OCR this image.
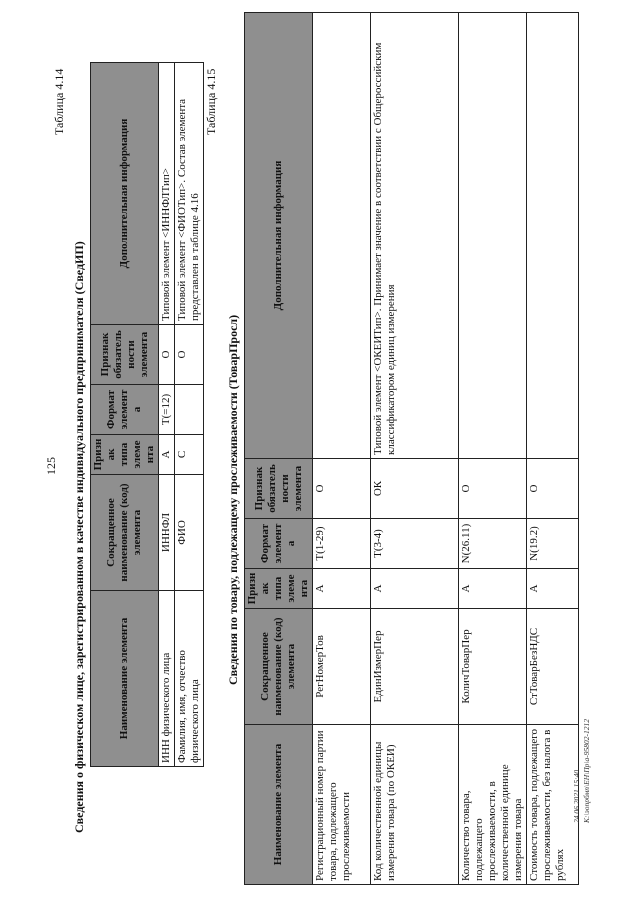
125
Таблица 4.14
Сведения о физическом лице, зарегистрированном в качестве индивидуального предпринимателя (СведИП)	Наименование элемента	Сокращенное наименование (код) элемента	Признак типа элемента	Формат элемента	Признак обязательности элемента	Дополнительная информация
ИНН физического лица	ИННФЛ	А	Т(=12)	О	Типовой элемент <ИННФЛТип>
Фамилия, имя, отчество физического лица	ФИО	С		О	Типовой элемент <ФИОТип>. Состав элемента представлен в таблице 4.16
Таблица 4.15
Сведения по товару, подлежащему прослеживаемости (ТоварПросл)
Наименование элемента	Сокращенное наименование (код) элемента	Признак типа элемента	Формат элемента	Признак обязательности элемента	Дополнительная информация
Регистрационный номер партии товара, подлежащего прослеживаемости	РегНомерТов	А	Т(1-29)	О	
Код количественной единицы измерения товара (по ОКЕИ)	ЕдинИзмерПер	А	Т(3-4)	ОК	Типовой элемент <ОКЕИТип>. Принимает значение в соответствии с Общероссийским классификатором единиц измерения
Количество товара, подлежащего прослеживаемости, в количественной единице измерения товара	КоличТоварПер	А	N(26.11)	О	
Стоимость товара, подлежащего прослеживаемости, без налога в рублях	СтТоварБезНДС	А	N(19.2)	О	
24.06.2021 15:40 К:\эопрбмп\ЕН\Пр\а-95802-1212
